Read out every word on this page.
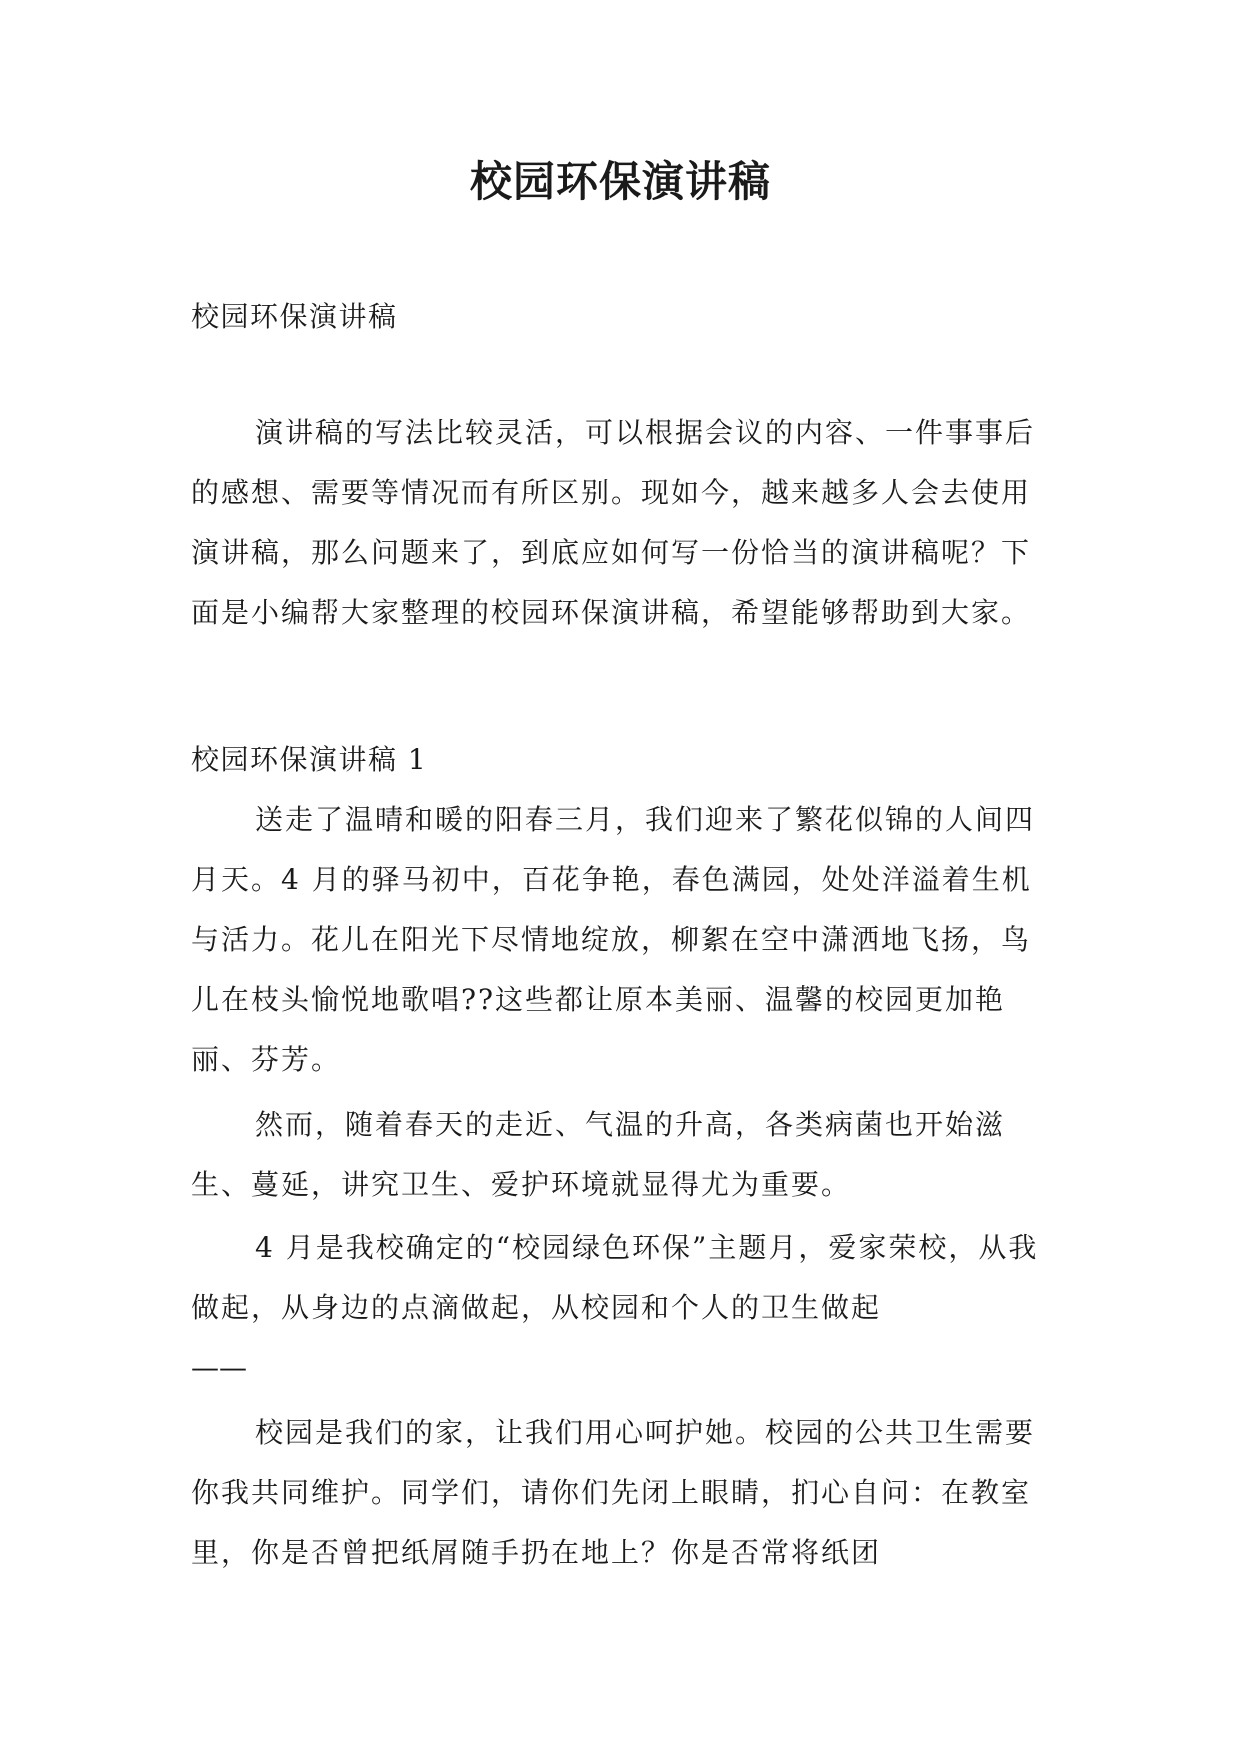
校园环保演讲稿

校园环保演讲稿

演讲稿的写法比较灵活，可以根据会议的内容、一件事事后的感想、需要等情况而有所区别。现如今，越来越多人会去使用演讲稿，那么问题来了，到底应如何写一份恰当的演讲稿呢？下面是小编帮大家整理的校园环保演讲稿，希望能够帮助到大家。

校园环保演讲稿 1

送走了温晴和暖的阳春三月，我们迎来了繁花似锦的人间四月天。4 月的驿马初中，百花争艳，春色满园，处处洋溢着生机与活力。花儿在阳光下尽情地绽放，柳絮在空中潇洒地飞扬，鸟儿在枝头愉悦地歌唱??这些都让原本美丽、温馨的校园更加艳丽、芬芳。

然而，随着春天的走近、气温的升高，各类病菌也开始滋生、蔓延，讲究卫生、爱护环境就显得尤为重要。

4 月是我校确定的“校园绿色环保”主题月，爱家荣校，从我做起，从身边的点滴做起，从校园和个人的卫生做起

——

校园是我们的家，让我们用心呵护她。校园的公共卫生需要你我共同维护。同学们，请你们先闭上眼睛，扪心自问：在教室里，你是否曾把纸屑随手扔在地上？你是否常将纸团
